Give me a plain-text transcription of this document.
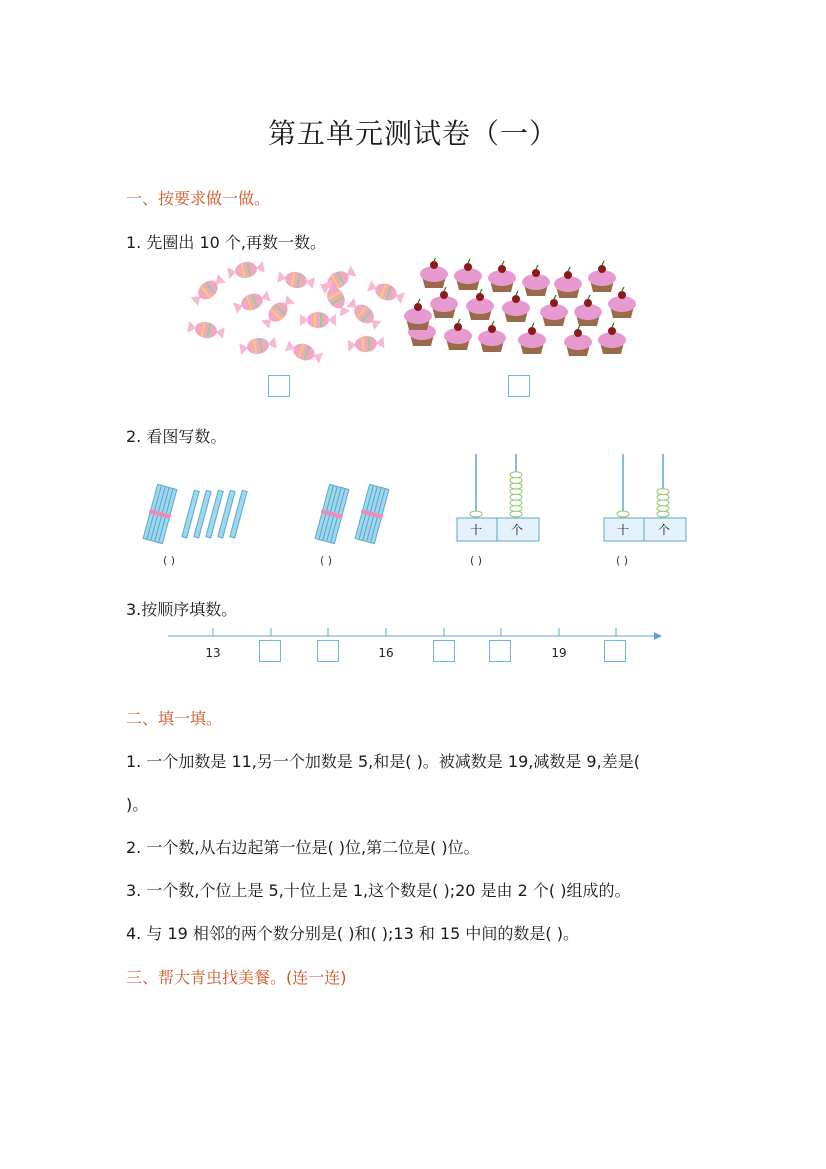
第五单元测试卷（一）
一、按要求做一做。
1. 先圈出 10 个,再数一数。
2. 看图写数。
( )	( )
十 个
( )
十 个
( )
3.按顺序填数。
13	16	19
二、填一填。
1. 一个加数是 11,另一个加数是 5,和是( )。被减数是 19,减数是 9,差是(
)。
2. 一个数,从右边起第一位是( )位,第二位是( )位。
3. 一个数,个位上是 5,十位上是 1,这个数是( );20 是由 2 个( )组成的。
4. 与 19 相邻的两个数分别是( )和( );13 和 15 中间的数是( )。
三、帮大青虫找美餐。(连一连)
